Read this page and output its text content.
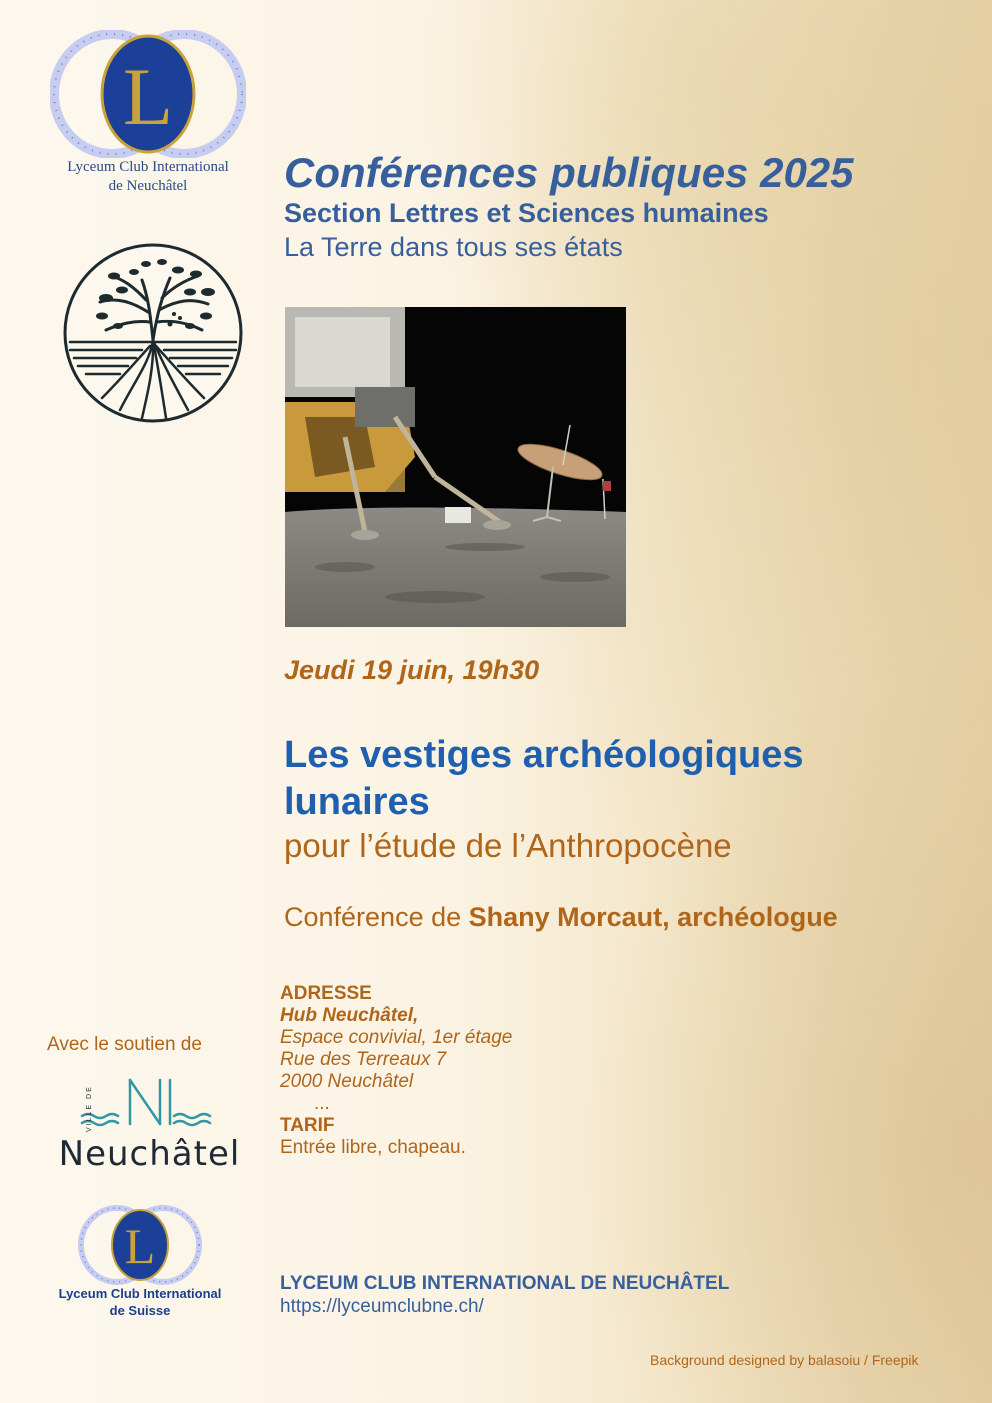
L
Lyceum Club International
de Neuchâtel	Conférences publiques 2025
Section Lettres et Sciences humaines
La Terre dans tous ses états
Jeudi 19 juin, 19h30
Les vestiges archéologiques
lunaires
pour l’étude de l’Anthropocène
Conférence de Shany Morcaut, archéologue
ADRESSE
Hub Neuchâtel,
Espace convivial, 1er étage
Rue des Terreaux 7
2000 Neuchâtel
...
TARIF
Entrée libre, chapeau.
Avec le soutien de
Neuchâtel
VILLE DE
L
Lyceum Club International
de Suisse
LYCEUM CLUB INTERNATIONAL DE NEUCHÂTEL
https://lyceumclubne.ch/
Background designed by balasoiu / Freepik
